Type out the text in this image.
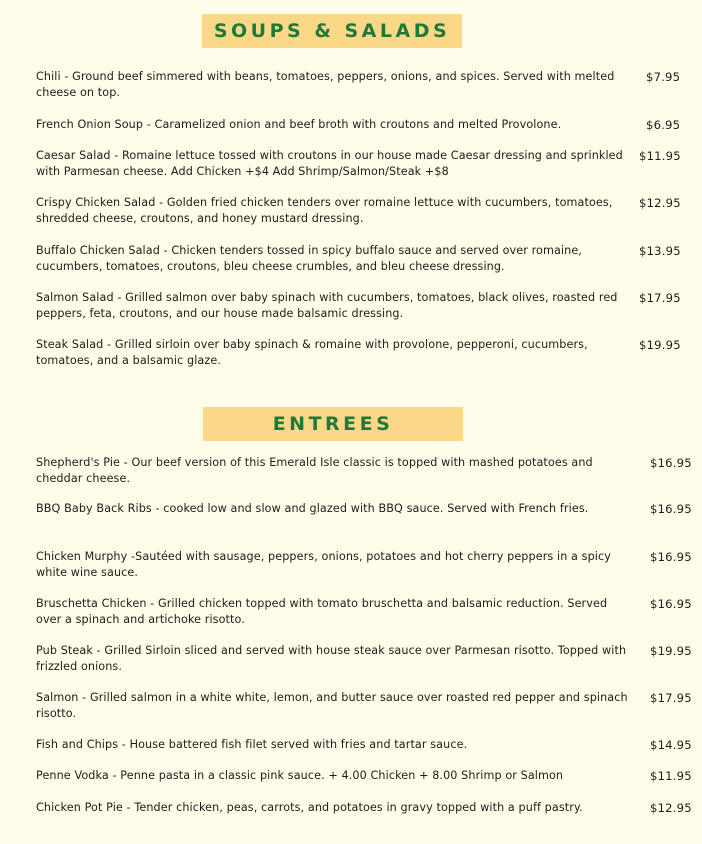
SOUPS & SALADS
Chili - Ground beef simmered with beans, tomatoes, peppers, onions, and spices. Served with melted cheese on top.
$7.95
French Onion Soup - Caramelized onion and beef broth with croutons and melted Provolone.	$6.95
Caesar Salad - Romaine lettuce tossed with croutons in our house made Caesar dressing and sprinkled with Parmesan cheese. Add Chicken +$4 Add Shrimp/Salmon/Steak +$8
$11.95
Crispy Chicken Salad - Golden fried chicken tenders over romaine lettuce with cucumbers, tomatoes, shredded cheese, croutons, and honey mustard dressing.
$12.95
Buffalo Chicken Salad - Chicken tenders tossed in spicy buffalo sauce and served over romaine, cucumbers, tomatoes, croutons, bleu cheese crumbles, and bleu cheese dressing.
$13.95
Salmon Salad - Grilled salmon over baby spinach with cucumbers, tomatoes, black olives, roasted red peppers, feta, croutons, and our house made balsamic dressing.
$17.95
Steak Salad - Grilled sirloin over baby spinach & romaine with provolone, pepperoni, cucumbers, tomatoes, and a balsamic glaze.
$19.95
ENTREES
Shepherd's Pie - Our beef version of this Emerald Isle classic is topped with mashed potatoes and cheddar cheese.
$16.95
BBQ Baby Back Ribs - cooked low and slow and glazed with BBQ sauce. Served with French fries.	$16.95
Chicken Murphy -Sautéed with sausage, peppers, onions, potatoes and hot cherry peppers in a spicy white wine sauce.
$16.95
Bruschetta Chicken - Grilled chicken topped with tomato bruschetta and balsamic reduction. Served over a spinach and artichoke risotto.
$16.95
Pub Steak - Grilled Sirloin sliced and served with house steak sauce over Parmesan risotto. Topped with frizzled onions.
$19.95
Salmon - Grilled salmon in a white white, lemon, and butter sauce over roasted red pepper and spinach risotto.
$17.95
Fish and Chips - House battered fish filet served with fries and tartar sauce.	$14.95
Penne Vodka - Penne pasta in a classic pink sauce. + 4.00 Chicken + 8.00 Shrimp or Salmon	$11.95
Chicken Pot Pie - Tender chicken, peas, carrots, and potatoes in gravy topped with a puff pastry.	$12.95
